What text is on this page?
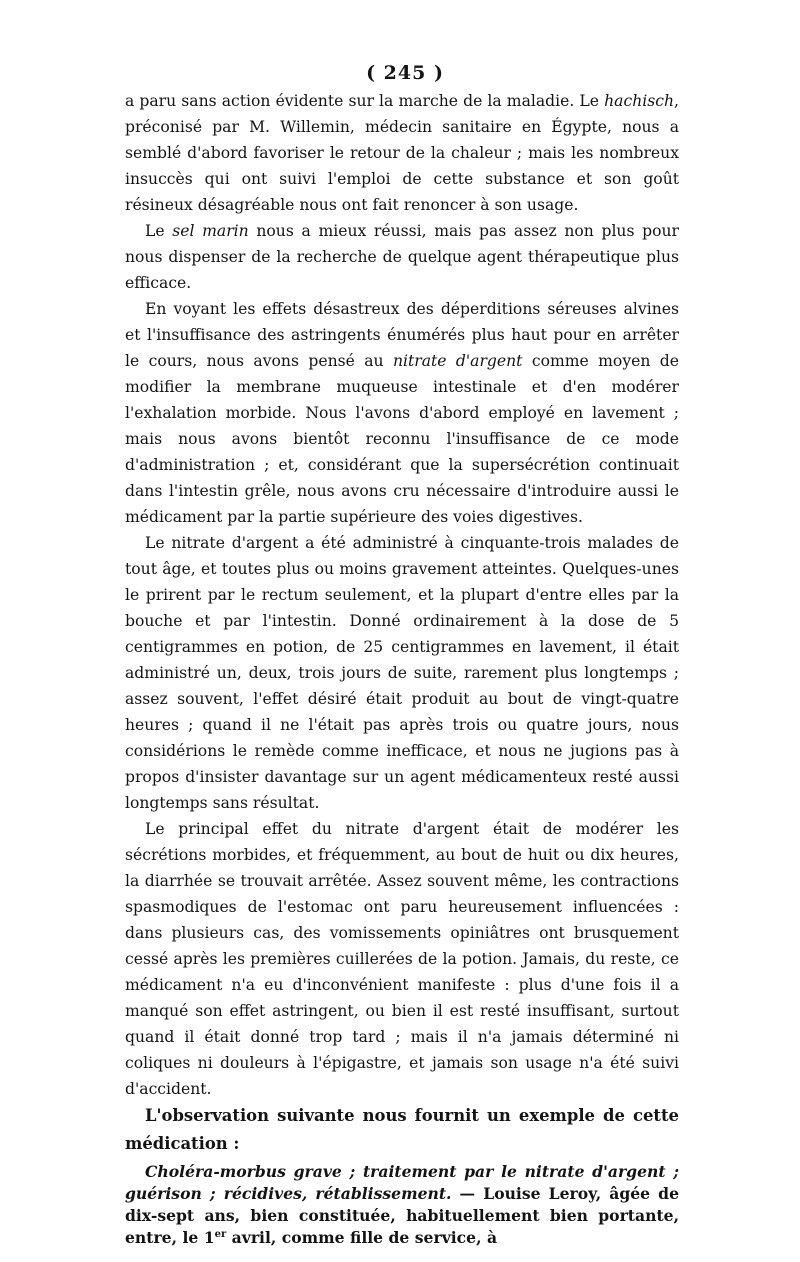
( 245 )

a paru sans action évidente sur la marche de la maladie. Le hachisch, préconisé par M. Willemin, médecin sanitaire en Égypte, nous a semblé d'abord favoriser le retour de la chaleur ; mais les nombreux insuccès qui ont suivi l'emploi de cette substance et son goût résineux désagréable nous ont fait renoncer à son usage.

Le sel marin nous a mieux réussi, mais pas assez non plus pour nous dispenser de la recherche de quelque agent thérapeutique plus efficace.

En voyant les effets désastreux des déperditions séreuses alvines et l'insuffisance des astringents énumérés plus haut pour en arrêter le cours, nous avons pensé au nitrate d'argent comme moyen de modifier la membrane muqueuse intestinale et d'en modérer l'exhalation morbide. Nous l'avons d'abord employé en lavement ; mais nous avons bientôt reconnu l'insuffisance de ce mode d'administration ; et, considérant que la supersécrétion continuait dans l'intestin grêle, nous avons cru nécessaire d'introduire aussi le médicament par la partie supérieure des voies digestives.

Le nitrate d'argent a été administré à cinquante-trois malades de tout âge, et toutes plus ou moins gravement atteintes. Quelques-unes le prirent par le rectum seulement, et la plupart d'entre elles par la bouche et par l'intestin. Donné ordinairement à la dose de 5 centigrammes en potion, de 25 centigrammes en lavement, il était administré un, deux, trois jours de suite, rarement plus longtemps ; assez souvent, l'effet désiré était produit au bout de vingt-quatre heures ; quand il ne l'était pas après trois ou quatre jours, nous considérions le remède comme inefficace, et nous ne jugions pas à propos d'insister davantage sur un agent médicamenteux resté aussi longtemps sans résultat.

Le principal effet du nitrate d'argent était de modérer les sécrétions morbides, et fréquemment, au bout de huit ou dix heures, la diarrhée se trouvait arrêtée. Assez souvent même, les contractions spasmodiques de l'estomac ont paru heureusement influencées : dans plusieurs cas, des vomissements opiniâtres ont brusquement cessé après les premières cuillerées de la potion. Jamais, du reste, ce médicament n'a eu d'inconvénient manifeste : plus d'une fois il a manqué son effet astringent, ou bien il est resté insuffisant, surtout quand il était donné trop tard ; mais il n'a jamais déterminé ni coliques ni douleurs à l'épigastre, et jamais son usage n'a été suivi d'accident.

L'observation suivante nous fournit un exemple de cette médication :

Choléra-morbus grave ; traitement par le nitrate d'argent ; guérison ; récidives, rétablissement. — Louise Leroy, âgée de dix-sept ans, bien constituée, habituellement bien portante, entre, le 1er avril, comme fille de service, à
